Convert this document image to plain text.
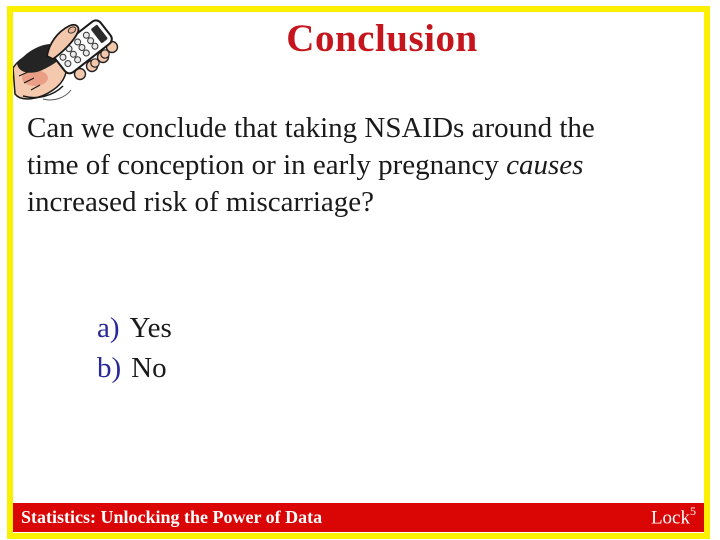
Conclusion
Can we conclude that taking NSAIDs around the
time of conception or in early pregnancy causes
increased risk of miscarriage?
a) Yes
b) No
Statistics: Unlocking the Power of Data	Lock$^5$
